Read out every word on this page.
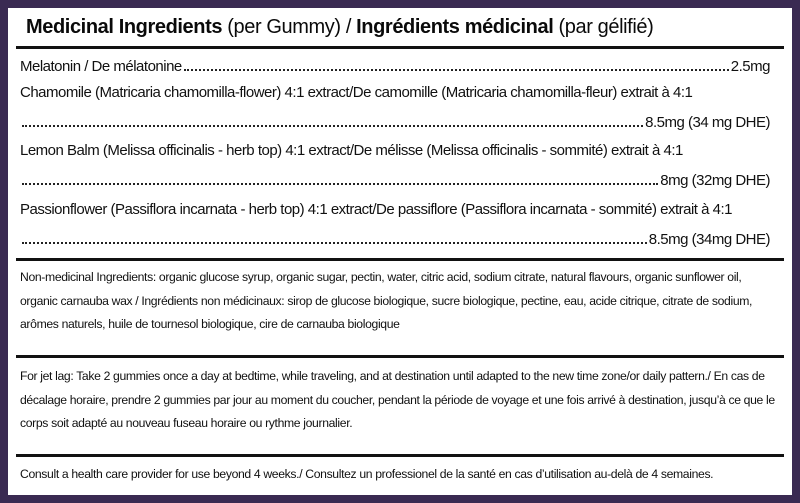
Medicinal Ingredients (per Gummy) / Ingrédients médicinal (par gélifié)
Melatonin / De mélatonine	2.5mg
Chamomile (Matricaria chamomilla-flower) 4:1 extract/De camomille (Matricaria chamomilla-fleur) extrait à 4:1
8.5mg (34 mg DHE)
Lemon Balm (Melissa officinalis - herb top) 4:1 extract/De mélisse (Melissa officinalis - sommité) extrait à 4:1
8mg (32mg DHE)
Passionflower (Passiflora incarnata - herb top) 4:1 extract/De passiflore (Passiflora incarnata - sommité) extrait à 4:1
8.5mg (34mg DHE)
Non-medicinal Ingredients: organic glucose syrup, organic sugar, pectin, water, citric acid, sodium citrate, natural flavours, organic sunflower oil, organic carnauba wax / Ingrédients non médicinaux: sirop de glucose biologique, sucre biologique, pectine, eau, acide citrique, citrate de sodium, arômes naturels, huile de tournesol biologique, cire de carnauba biologique
For jet lag: Take 2 gummies once a day at bedtime, while traveling, and at destination until adapted to the new time zone/or daily pattern./ En cas de décalage horaire, prendre 2 gummies par jour au moment du coucher, pendant la période de voyage et une fois arrivé à destination, jusqu’à ce que le corps soit adapté au nouveau fuseau horaire ou rythme journalier.
Consult a health care provider for use beyond 4 weeks./ Consultez un professionel de la santé en cas d’utilisation au-delà de 4 semaines.
